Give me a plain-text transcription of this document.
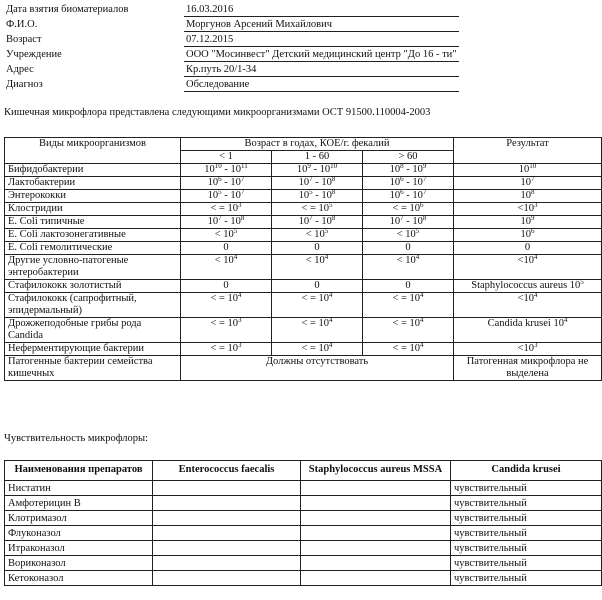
Дата взятия биоматериалов	16.03.2016
Ф.И.О.	Моргунов Арсений Михайлович
Возраст	07.12.2015
Учреждение	ООО "Мосинвест" Детский медицинский центр "До 16 - ти"
Адрес	Кр.путь 20/1-34
Диагноз	Обследование
Кишечная микрофлора представлена следующими микроорганизмами ОСТ 91500.110004-2003
Виды микроорганизмов	Возраст в годах, КОЕ/г. фекалий			Результат
	< 1	1 - 60	> 60	
Бифидобактерии	$10^{10} - 10^{11}$	$10^9 - 10^{10}$	$10^8 - 10^9$	$10^{10}$
Лактобактерии	$10^6 - 10^7$	$10^7 - 10^8$	$10^6 - 10^7$	$10^7$
Энтерококки	$10^5 - 10^7$	$10^5 - 10^8$	$10^6 - 10^7$	$10^8$
Клостридии	< = $10^3$	< = $10^5$	< = $10^6$	$<10^3$
E. Coli типичные	$10^7 - 10^8$	$10^7 - 10^8$	$10^7 - 10^8$	$10^9$
E. Coli лактозонегативные	< $10^5$	< $10^5$	< $10^5$	$10^6$
E. Coli гемолитические	0	0	0	0
Другие условно-патогеные энтеробактерии	< $10^4$	< $10^4$	< $10^4$	$<10^4$
Стафилококк золотистый	0	0	0	Staphylococcus aureus $10^5$
Стафилококк (сапрофитный, эпидермальный)	< = $10^4$	< = $10^4$	< = $10^4$	$<10^4$
Дрожжеподобные грибы рода Candida	< = $10^3$	< = $10^4$	< = $10^4$	Candida krusei $10^4$
Неферментирующие бактерии	< = $10^3$	< = $10^4$	< = $10^4$	$<10^3$
Патогенные бактерии семейства кишечных	Должны отсутствовать			Патогенная микрофлора не выделена
Чувствительность микрофлоры:
Наименования препаратов	Enterococcus faecalis	Staphylococcus aureus MSSA	Candida krusei
Нистатин			чувствительный
Амфотерицин В			чувствительный
Клотримазол			чувствительный
Флуконазол			чувствительный
Итраконазол			чувствительный
Вориконазол			чувствительный
Кетоконазол			чувствительный
